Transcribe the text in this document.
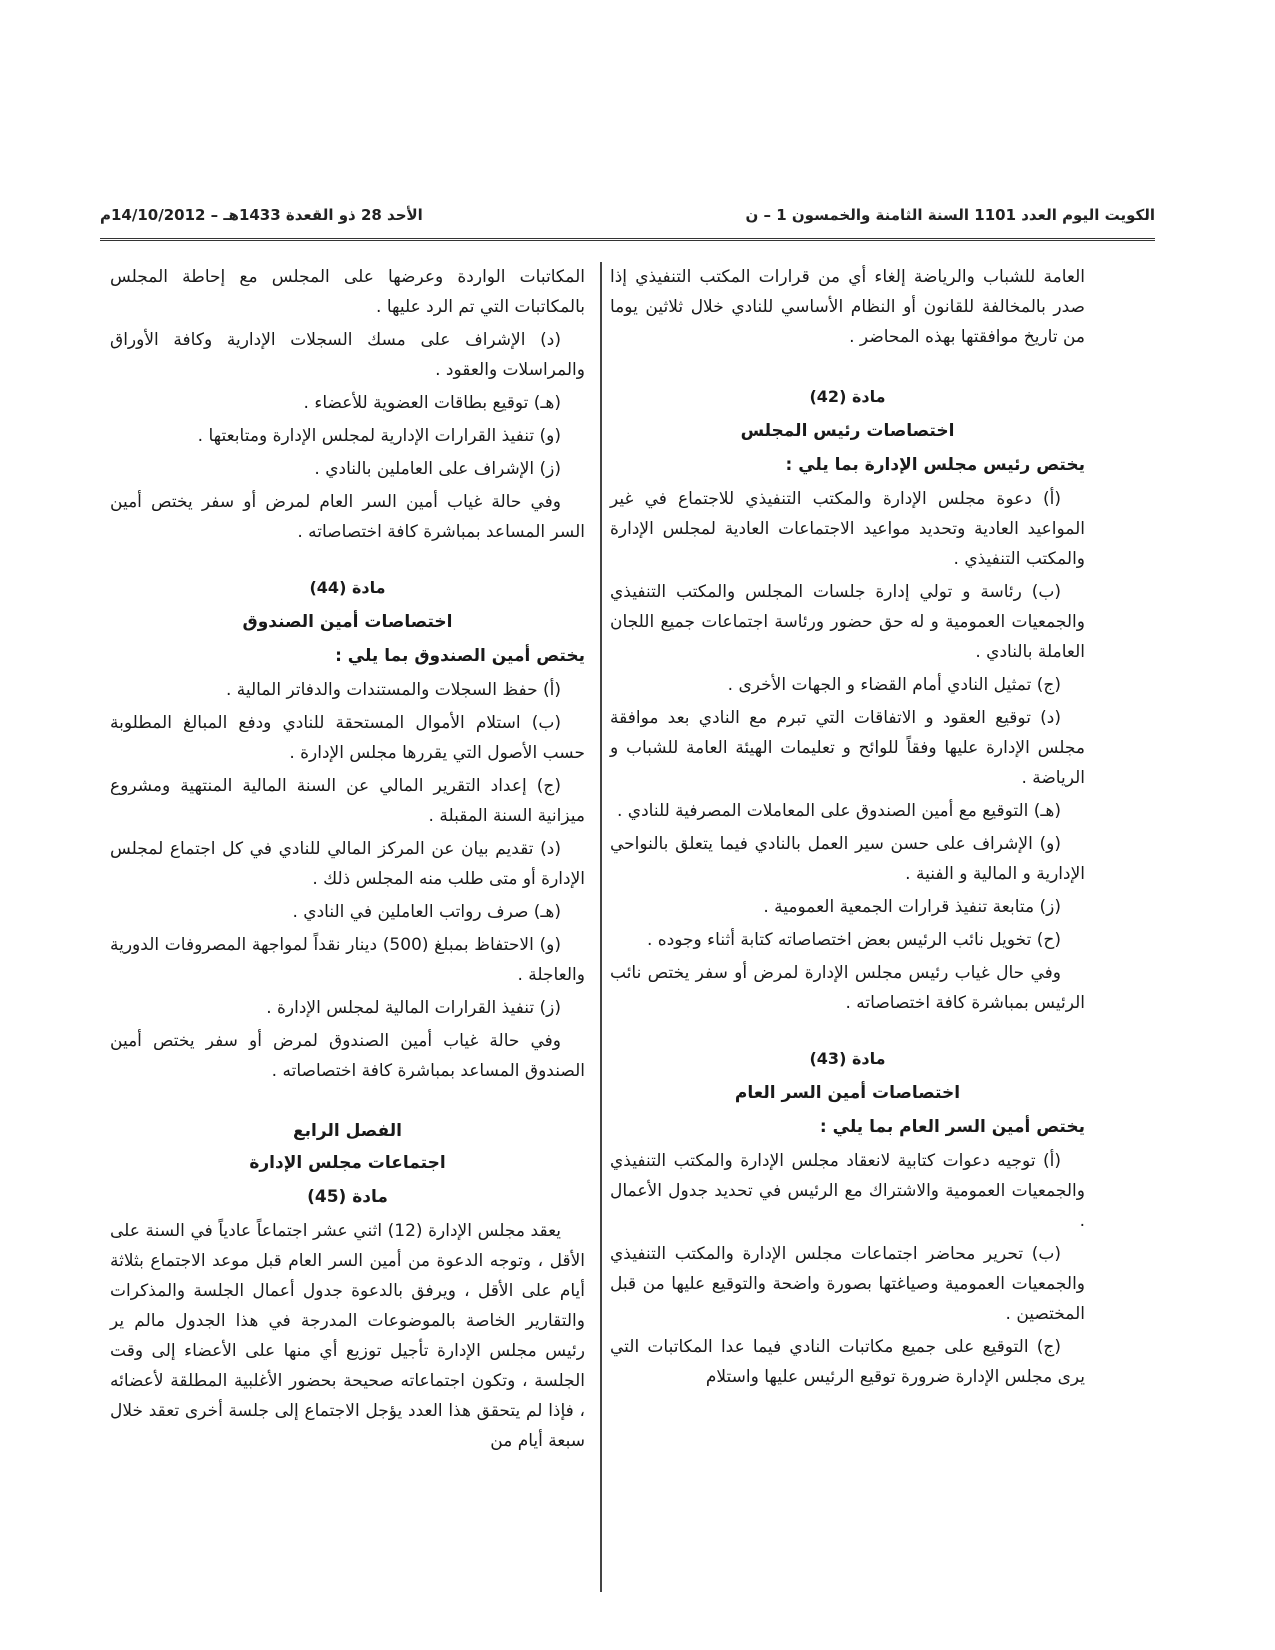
الكويت اليوم العدد 1101 السنة الثامنة والخمسون 1 – ن
الأحد 28 ذو القعدة 1433هـ – 14/10/2012م

العامة للشباب والرياضة إلغاء أي من قرارات المكتب التنفيذي إذا صدر بالمخالفة للقانون أو النظام الأساسي للنادي خلال ثلاثين يوما من تاريخ موافقتها بهذه المحاضر .

مادة (42)
اختصاصات رئيس المجلس
يختص رئيس مجلس الإدارة بما يلي :

(أ) دعوة مجلس الإدارة والمكتب التنفيذي للاجتماع في غير المواعيد العادية وتحديد مواعيد الاجتماعات العادية لمجلس الإدارة والمكتب التنفيذي .

(ب) رئاسة و تولي إدارة جلسات المجلس والمكتب التنفيذي والجمعيات العمومية و له حق حضور ورئاسة اجتماعات جميع اللجان العاملة بالنادي .

(ج) تمثيل النادي أمام القضاء و الجهات الأخرى .

(د) توقيع العقود و الاتفاقات التي تبرم مع النادي بعد موافقة مجلس الإدارة عليها وفقاً للوائح و تعليمات الهيئة العامة للشباب و الرياضة .

(هـ) التوقيع مع أمين الصندوق على المعاملات المصرفية للنادي .

(و) الإشراف على حسن سير العمل بالنادي فيما يتعلق بالنواحي الإدارية و المالية و الفنية .

(ز) متابعة تنفيذ قرارات الجمعية العمومية .

(ح) تخويل نائب الرئيس بعض اختصاصاته كتابة أثناء وجوده .

وفي حال غياب رئيس مجلس الإدارة لمرض أو سفر يختص نائب الرئيس بمباشرة كافة اختصاصاته .

مادة (43)
اختصاصات أمين السر العام
يختص أمين السر العام بما يلي :

(أ) توجيه دعوات كتابية لانعقاد مجلس الإدارة والمكتب التنفيذي والجمعيات العمومية والاشتراك مع الرئيس في تحديد جدول الأعمال .

(ب) تحرير محاضر اجتماعات مجلس الإدارة والمكتب التنفيذي والجمعيات العمومية وصياغتها بصورة واضحة والتوقيع عليها من قبل المختصين .

(ج) التوقيع على جميع مكاتبات النادي فيما عدا المكاتبات التي يرى مجلس الإدارة ضرورة توقيع الرئيس عليها واستلام

المكاتبات الواردة وعرضها على المجلس مع إحاطة المجلس بالمكاتبات التي تم الرد عليها .

(د) الإشراف على مسك السجلات الإدارية وكافة الأوراق والمراسلات والعقود .

(هـ) توقيع بطاقات العضوية للأعضاء .

(و) تنفيذ القرارات الإدارية لمجلس الإدارة ومتابعتها .

(ز) الإشراف على العاملين بالنادي .

وفي حالة غياب أمين السر العام لمرض أو سفر يختص أمين السر المساعد بمباشرة كافة اختصاصاته .

مادة (44)
اختصاصات أمين الصندوق
يختص أمين الصندوق بما يلي :

(أ) حفظ السجلات والمستندات والدفاتر المالية .

(ب) استلام الأموال المستحقة للنادي ودفع المبالغ المطلوبة حسب الأصول التي يقررها مجلس الإدارة .

(ج) إعداد التقرير المالي عن السنة المالية المنتهية ومشروع ميزانية السنة المقبلة .

(د) تقديم بيان عن المركز المالي للنادي في كل اجتماع لمجلس الإدارة أو متى طلب منه المجلس ذلك .

(هـ) صرف رواتب العاملين في النادي .

(و) الاحتفاظ بمبلغ (500) دينار نقداً لمواجهة المصروفات الدورية والعاجلة .

(ز) تنفيذ القرارات المالية لمجلس الإدارة .

وفي حالة غياب أمين الصندوق لمرض أو سفر يختص أمين الصندوق المساعد بمباشرة كافة اختصاصاته .

الفصل الرابع
اجتماعات مجلس الإدارة
مادة (45)

يعقد مجلس الإدارة (12) اثني عشر اجتماعاً عادياً في السنة على الأقل ، وتوجه الدعوة من أمين السر العام قبل موعد الاجتماع بثلاثة أيام على الأقل ، ويرفق بالدعوة جدول أعمال الجلسة والمذكرات والتقارير الخاصة بالموضوعات المدرجة في هذا الجدول مالم ير رئيس مجلس الإدارة تأجيل توزيع أي منها على الأعضاء إلى وقت الجلسة ، وتكون اجتماعاته صحيحة بحضور الأغلبية المطلقة لأعضائه ، فإذا لم يتحقق هذا العدد يؤجل الاجتماع إلى جلسة أخرى تعقد خلال سبعة أيام من
